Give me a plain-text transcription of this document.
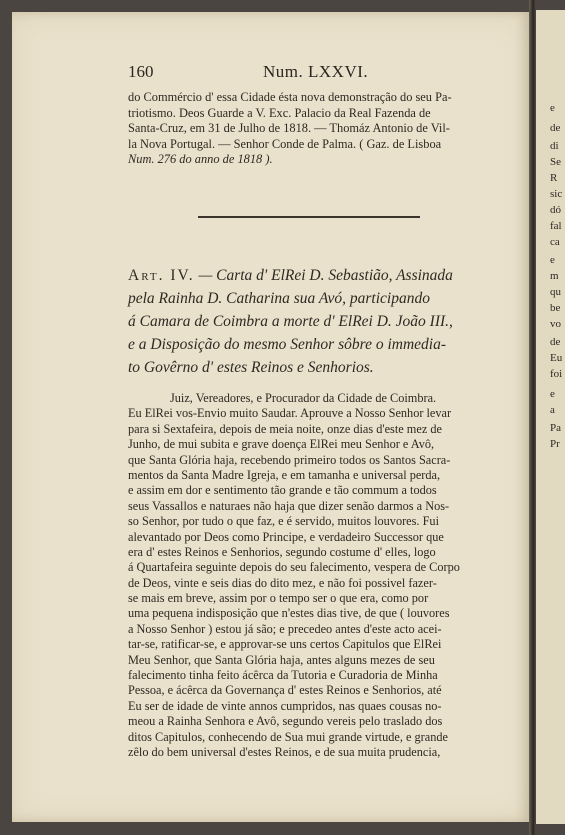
e
de
di
Se
R
sic
dó
fal
ca
e
m
qu
be
vo
de
Eu
foi
e
a
Pa
Pr
160	Num. LXXVI.
do Commércio d' essa Cidade ésta nova demonstração do seu Pa-
triotismo. Deos Guarde a V. Exc. Palacio da Real Fazenda de
Santa-Cruz, em 31 de Julho de 1818. — Thomáz Antonio de Vil-
la Nova Portugal. — Senhor Conde de Palma. ( Gaz. de Lisboa
Num. 276 do anno de 1818 ).
Art. IV. — Carta d' ElRei D. Sebastião, Assinada
pela Rainha D. Catharina sua Avó, participando
á Camara de Coimbra a morte d' ElRei D. João III.,
e a Disposição do mesmo Senhor sôbre o immedia-
to Govêrno d' estes Reinos e Senhorios.
Juiz, Vereadores, e Procurador da Cidade de Coimbra.
Eu ElRei vos-Envio muito Saudar. Aprouve a Nosso Senhor levar
para si Sextafeira, depois de meia noite, onze dias d'este mez de
Junho, de mui subita e grave doença ElRei meu Senhor e Avô,
que Santa Glória haja, recebendo primeiro todos os Santos Sacra-
mentos da Santa Madre Igreja, e em tamanha e universal perda,
e assim em dor e sentimento tão grande e tão commum a todos
seus Vassallos e naturaes não haja que dizer senão darmos a Nos-
so Senhor, por tudo o que faz, e é servido, muitos louvores. Fui
alevantado por Deos como Principe, e verdadeiro Successor que
era d' estes Reinos e Senhorios, segundo costume d' elles, logo
á Quartafeira seguinte depois do seu falecimento, vespera de Corpo
de Deos, vinte e seis dias do dito mez, e não foi possivel fazer-
se mais em breve, assim por o tempo ser o que era, como por
uma pequena indisposição que n'estes dias tive, de que ( louvores
a Nosso Senhor ) estou já são; e precedeo antes d'este acto acei-
tar-se, ratificar-se, e approvar-se uns certos Capitulos que ElRei
Meu Senhor, que Santa Glória haja, antes alguns mezes de seu
falecimento tinha feito ácêrca da Tutoria e Curadoria de Minha
Pessoa, e ácêrca da Governança d' estes Reinos e Senhorios, até
Eu ser de idade de vinte annos cumpridos, nas quaes cousas no-
meou a Rainha Senhora e Avô, segundo vereis pelo traslado dos
ditos Capitulos, conhecendo de Sua mui grande virtude, e grande
zêlo do bem universal d'estes Reinos, e de sua muita prudencia,
